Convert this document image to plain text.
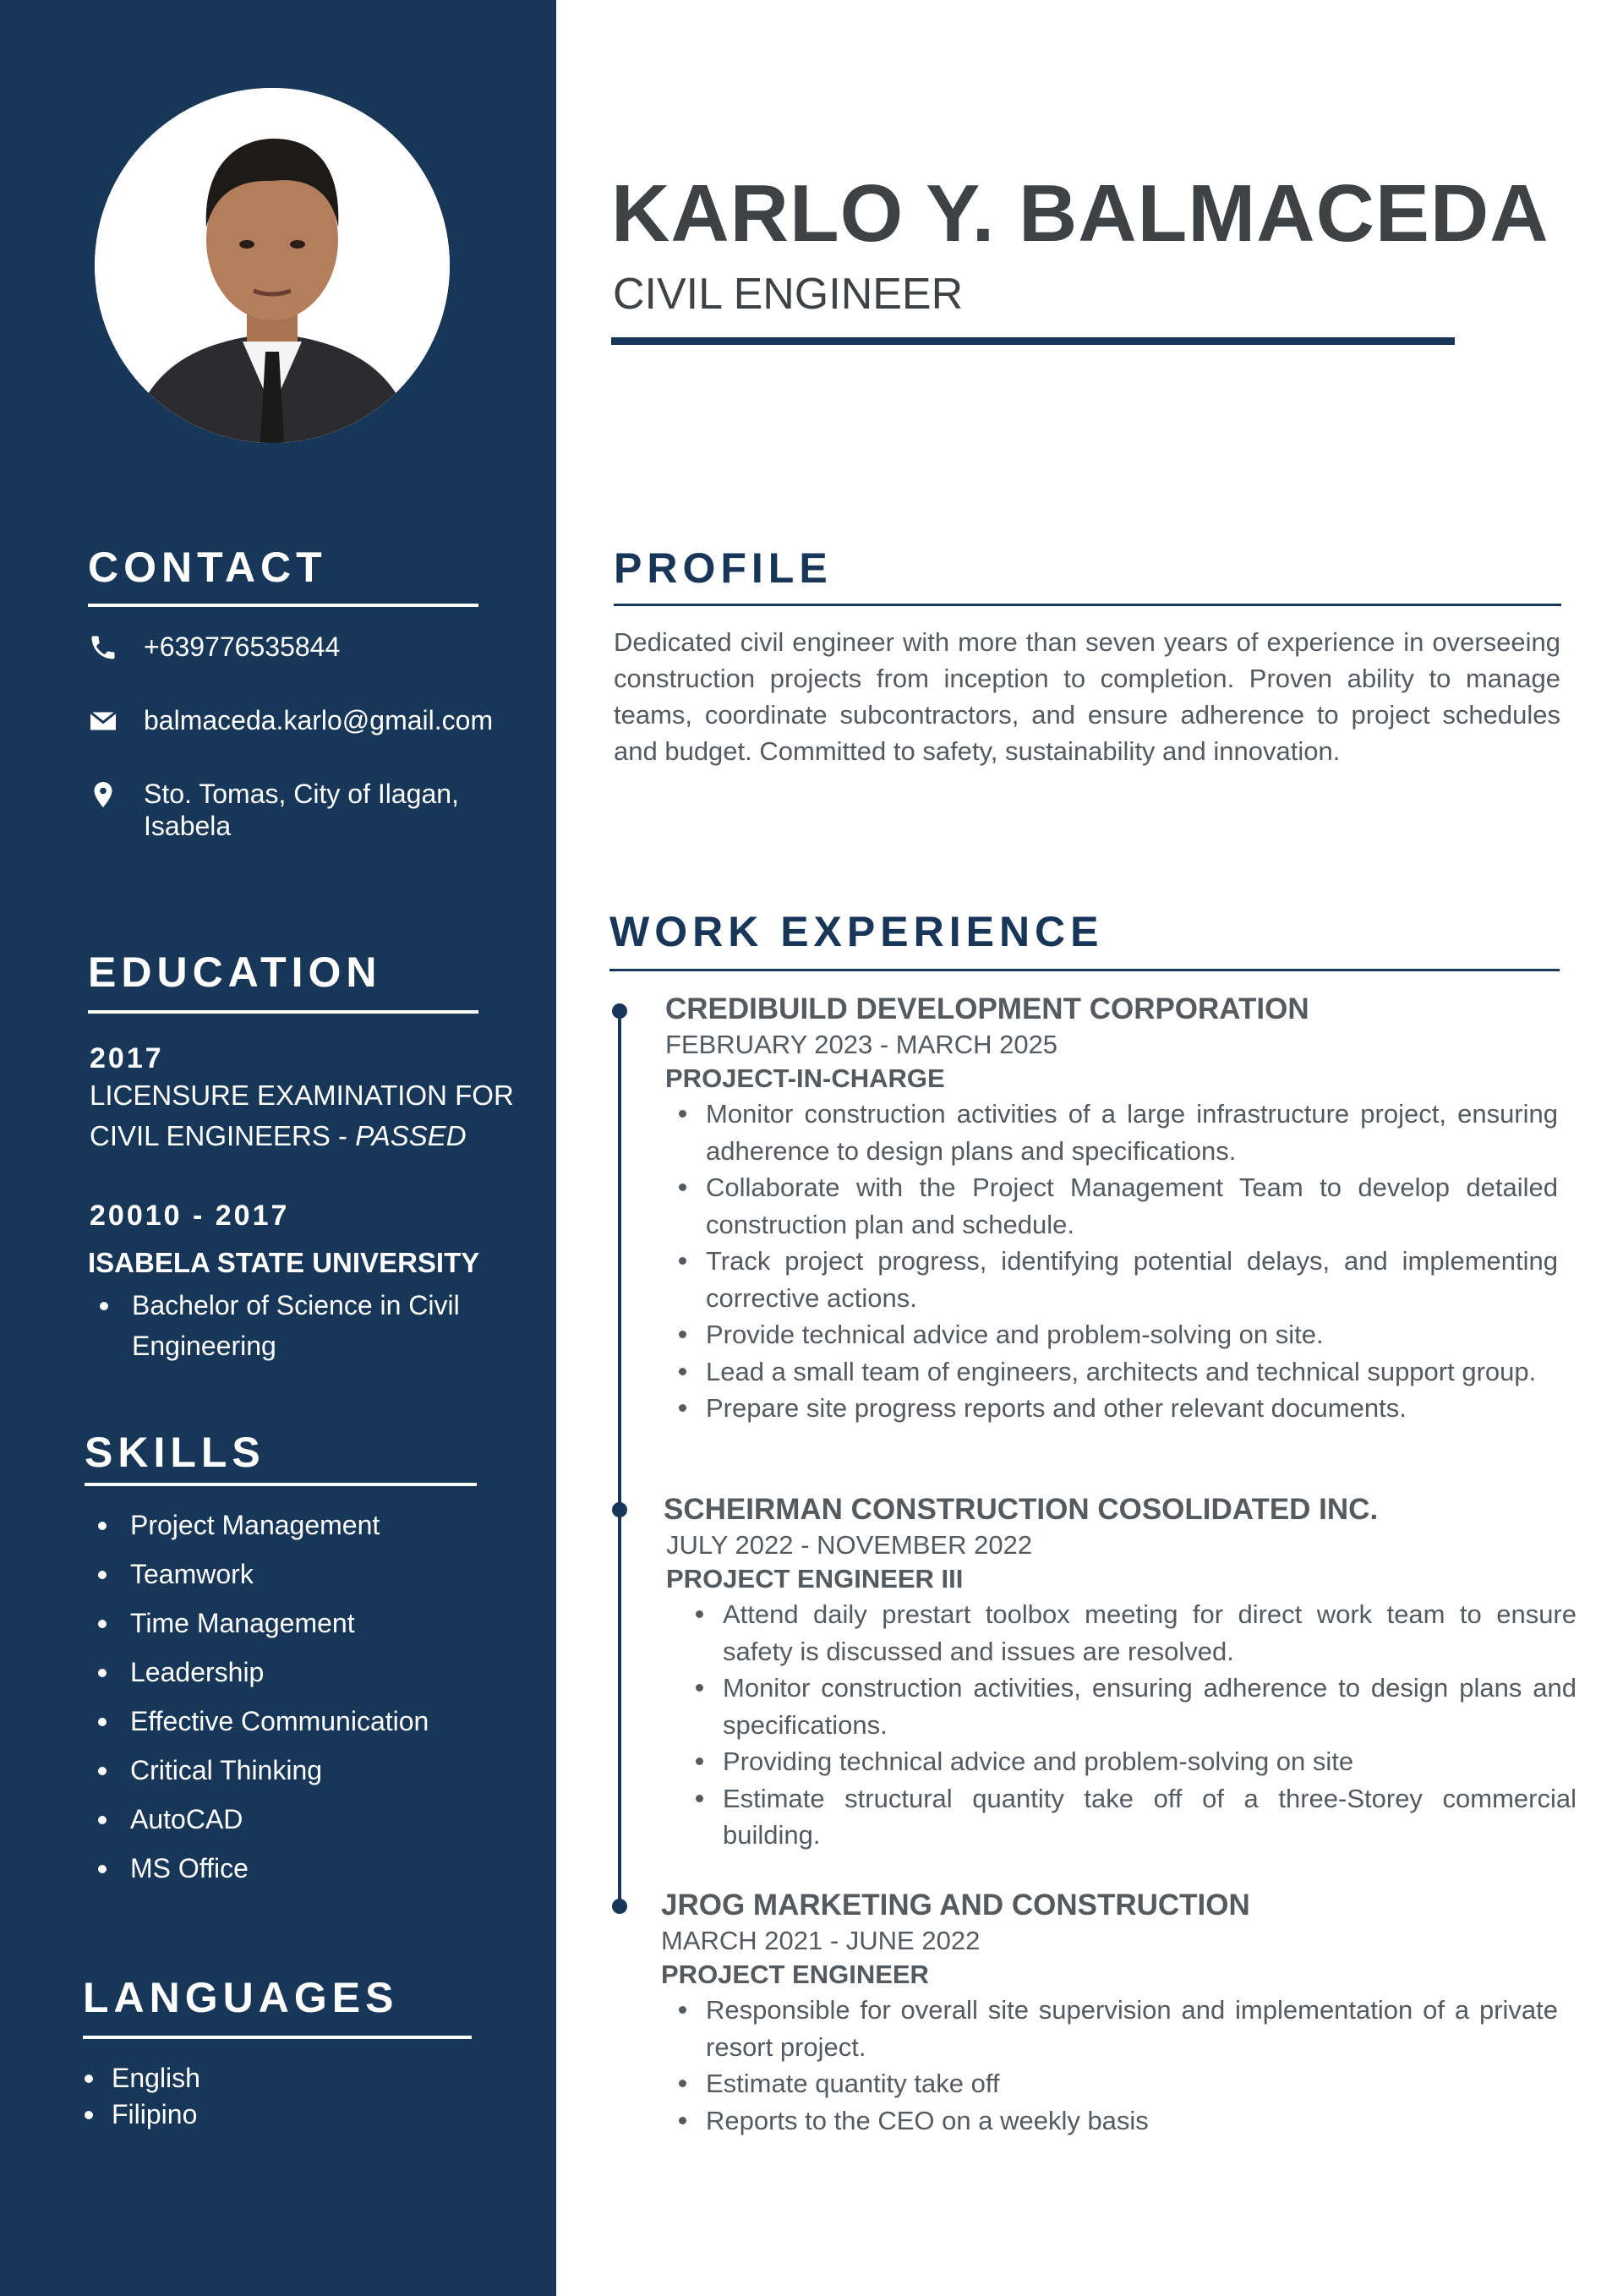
CONTACT
+639776535844
balmaceda.karlo@gmail.com
Sto. Tomas, City of Ilagan, Isabela
EDUCATION
2017
LICENSURE EXAMINATION FOR CIVIL ENGINEERS - PASSED
20010 - 2017
ISABELA STATE UNIVERSITY
Bachelor of Science in Civil Engineering
SKILLS
Project Management
Teamwork
Time Management
Leadership
Effective Communication
Critical Thinking
AutoCAD
MS Office
LANGUAGES
English
Filipino
KARLO Y. BALMACEDA
CIVIL ENGINEER
PROFILE

Dedicated civil engineer with more than seven years of experience in overseeing construction projects from inception to completion. Proven ability to manage teams, coordinate subcontractors, and ensure adherence to project schedules and budget. Committed to safety, sustainability and innovation.

WORK EXPERIENCE
CREDIBUILD DEVELOPMENT CORPORATION
FEBRUARY 2023 - MARCH 2025
PROJECT-IN-CHARGE
Monitor construction activities of a large infrastructure project, ensuring adherence to design plans and specifications.
Collaborate with the Project Management Team to develop detailed construction plan and schedule.
Track project progress, identifying potential delays, and implementing corrective actions.
Provide technical advice and problem-solving on site.
Lead a small team of engineers, architects and technical support group.
Prepare site progress reports and other relevant documents.
SCHEIRMAN CONSTRUCTION COSOLIDATED INC.
JULY 2022 - NOVEMBER 2022
PROJECT ENGINEER III
Attend daily prestart toolbox meeting for direct work team to ensure safety is discussed and issues are resolved.
Monitor construction activities, ensuring adherence to design plans and specifications.
Providing technical advice and problem-solving on site
Estimate structural quantity take off of a three-Storey commercial building.
JROG MARKETING AND CONSTRUCTION
MARCH 2021 - JUNE 2022
PROJECT ENGINEER
Responsible for overall site supervision and implementation of a private resort project.
Estimate quantity take off
Reports to the CEO on a weekly basis
